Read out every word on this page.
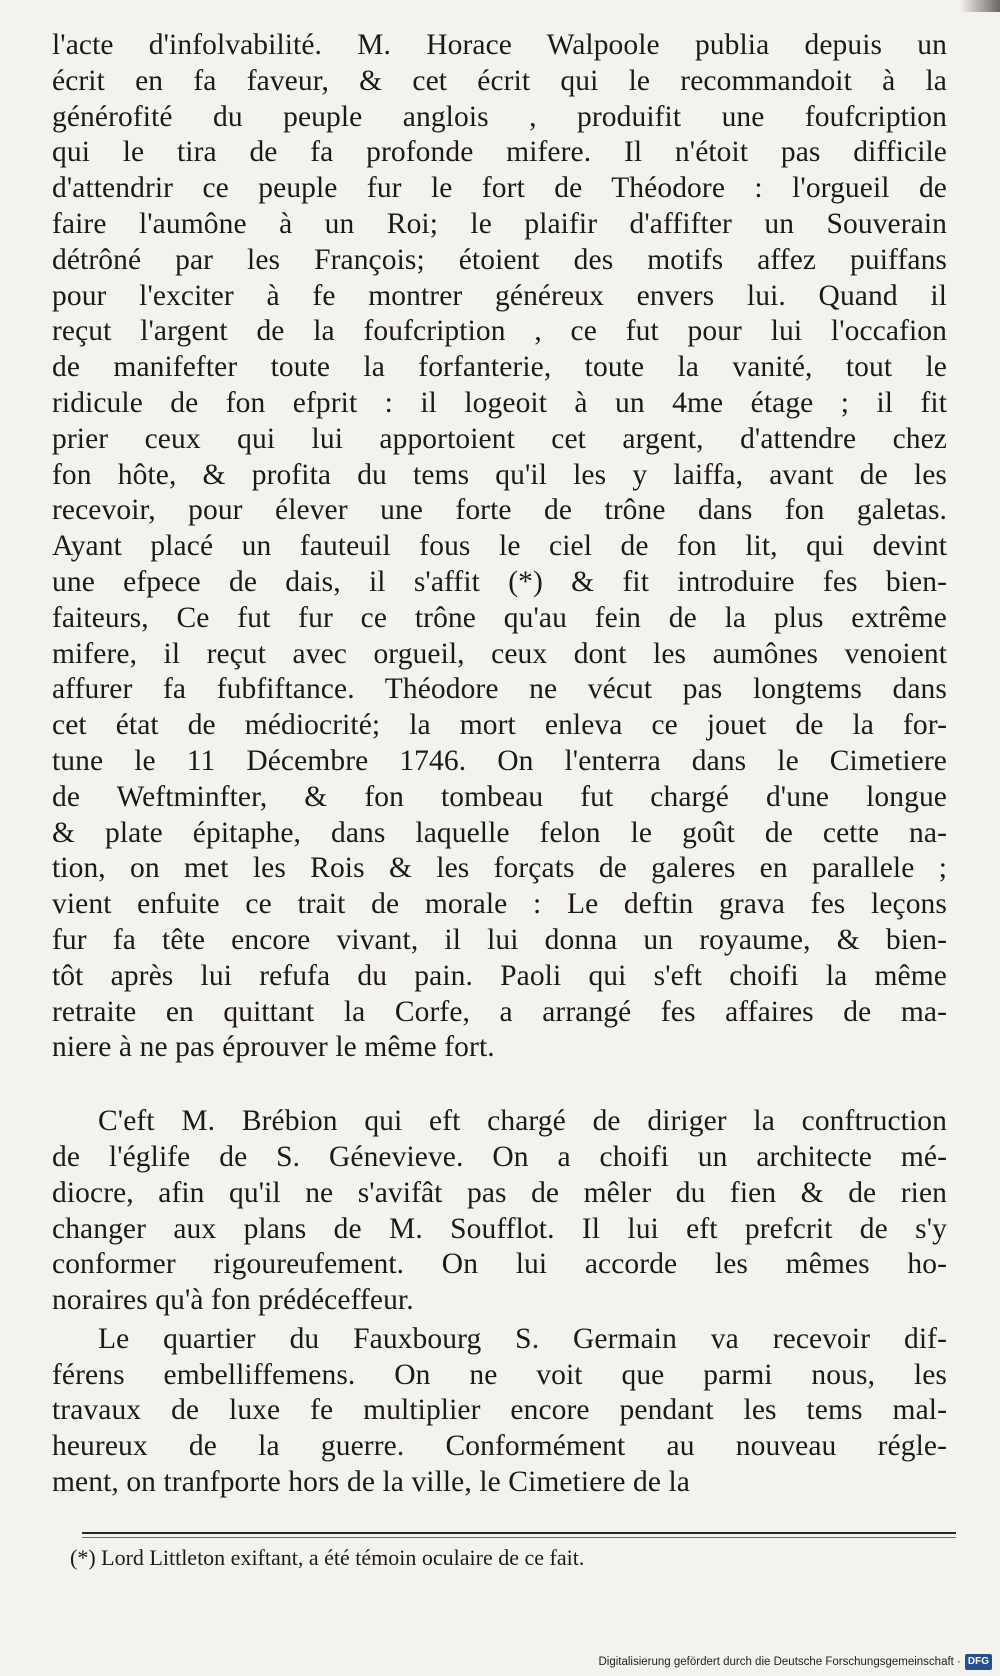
l'acte d'infolvabilité. M. Horace Walpoole publia depuis un
écrit en fa faveur, & cet écrit qui le recommandoit à la
générofité du peuple anglois , produifit une foufcription
qui le tira de fa profonde mifere. Il n'étoit pas difficile
d'attendrir ce peuple fur le fort de Théodore : l'orgueil de
faire l'aumône à un Roi; le plaifir d'affifter un Souverain
détrôné par les François; étoient des motifs affez puiffans
pour l'exciter à fe montrer généreux envers lui. Quand il
reçut l'argent de la foufcription , ce fut pour lui l'occafion
de manifefter toute la forfanterie, toute la vanité, tout le
ridicule de fon efprit : il logeoit à un 4me étage ; il fit
prier ceux qui lui apportoient cet argent, d'attendre chez
fon hôte, & profita du tems qu'il les y laiffa, avant de les
recevoir, pour élever une forte de trône dans fon galetas.
Ayant placé un fauteuil fous le ciel de fon lit, qui devint
une efpece de dais, il s'affit (*) & fit introduire fes bien-
faiteurs, Ce fut fur ce trône qu'au fein de la plus extrême
mifere, il reçut avec orgueil, ceux dont les aumônes venoient
affurer fa fubfiftance. Théodore ne vécut pas longtems dans
cet état de médiocrité; la mort enleva ce jouet de la for-
tune le 11 Décembre 1746. On l'enterra dans le Cimetiere
de Weftminfter, & fon tombeau fut chargé d'une longue
& plate épitaphe, dans laquelle felon le goût de cette na-
tion, on met les Rois & les forçats de galeres en parallele ;
vient enfuite ce trait de morale : Le deftin grava fes leçons
fur fa tête encore vivant, il lui donna un royaume, & bien-
tôt après lui refufa du pain. Paoli qui s'eft choifi la même
retraite en quittant la Corfe, a arrangé fes affaires de ma-
niere à ne pas éprouver le même fort.
C'eft M. Brébion qui eft chargé de diriger la conftruction
de l'églife de S. Génevieve. On a choifi un architecte mé-
diocre, afin qu'il ne s'avifât pas de mêler du fien & de rien
changer aux plans de M. Soufflot. Il lui eft prefcrit de s'y
conformer rigoureufement. On lui accorde les mêmes ho-
noraires qu'à fon prédéceffeur.
Le quartier du Fauxbourg S. Germain va recevoir dif-
férens embelliffemens. On ne voit que parmi nous, les
travaux de luxe fe multiplier encore pendant les tems mal-
heureux de la guerre. Conformément au nouveau régle-
ment, on tranfporte hors de la ville, le Cimetiere de la
(*) Lord Littleton exiftant, a été témoin oculaire de ce fait.
Digitalisierung gefördert durch die Deutsche Forschungsgemeinschaft · DFG
